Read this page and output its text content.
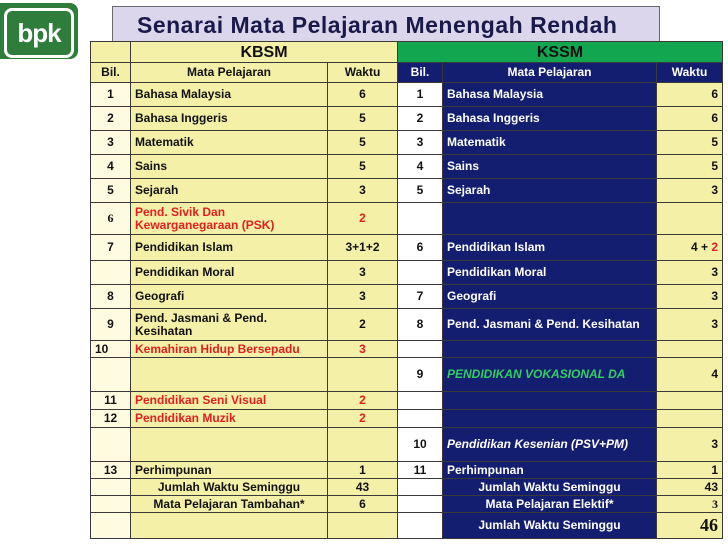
bpk	Senarai Mata Pelajaran Menengah Rendah
	KBSM		KSSM		
Bil.	Mata Pelajaran	Waktu	Bil.	Mata Pelajaran	Waktu
1	Bahasa Malaysia	6	1	Bahasa Malaysia	6
2	Bahasa Inggeris	5	2	Bahasa Inggeris	6
3	Matematik	5	3	Matematik	5
4	Sains	5	4	Sains	5
5	Sejarah	3	5	Sejarah	3
6	Pend. Sivik Dan Kewarganegaraan (PSK)	2			
7	Pendidikan Islam	3+1+2	6	Pendidikan Islam	4 + 2
	Pendidikan Moral	3		Pendidikan Moral	3
8	Geografi	3	7	Geografi	3
9	Pend. Jasmani & Pend. Kesihatan	2	8	Pend. Jasmani & Pend. Kesihatan	3
10	Kemahiran Hidup Bersepadu	3			
			9	PENDIDIKAN VOKASIONAL DA	4
11	Pendidikan Seni Visual	2			
12	Pendidikan Muzik	2			
			10	Pendidikan Kesenian (PSV+PM)	3
13	Perhimpunan	1	11	Perhimpunan	1
	Jumlah Waktu Seminggu	43		Jumlah Waktu Seminggu	43
	Mata Pelajaran Tambahan*	6		Mata Pelajaran Elektif*	3
				Jumlah Waktu Seminggu	46
